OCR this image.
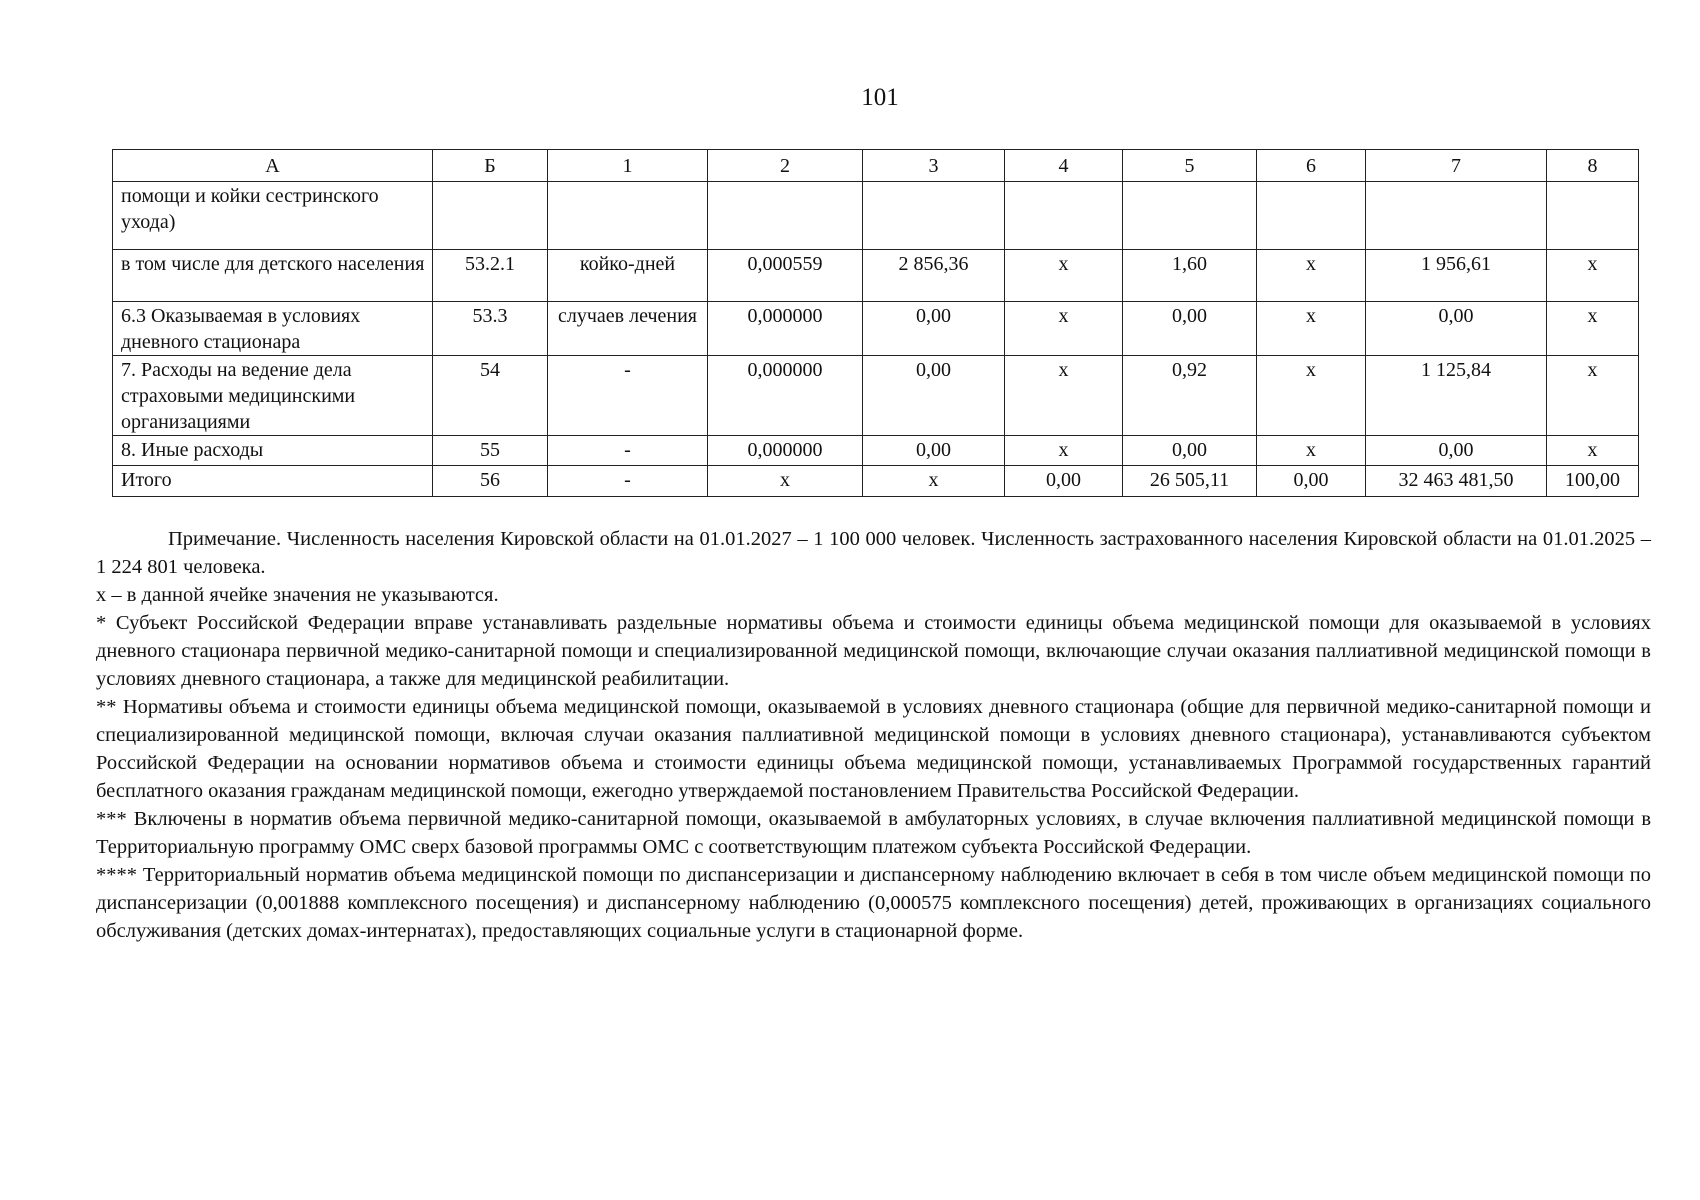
101
А	Б	1	2	3	4	5	6	7	8
помощи и койки сестринского ухода)									
в том числе для детского населения	53.2.1	койко-дней	0,000559	2 856,36	x	1,60	x	1 956,61	x
6.3 Оказываемая в условиях дневного стационара	53.3	случаев лечения	0,000000	0,00	x	0,00	x	0,00	x
7. Расходы на ведение дела страховыми медицинскими организациями	54	-	0,000000	0,00	x	0,92	x	1 125,84	x
8. Иные расходы	55	-	0,000000	0,00	x	0,00	x	0,00	x
Итого	56	-	x	x	0,00	26 505,11	0,00	32 463 481,50	100,00

Примечание. Численность населения Кировской области на 01.01.2027 – 1 100 000 человек. Численность застрахованного населения Кировской области на 01.01.2025 – 1 224 801 человека.

x – в данной ячейке значения не указываются.

* Субъект Российской Федерации вправе устанавливать раздельные нормативы объема и стоимости единицы объема медицинской помощи для оказываемой в условиях дневного стационара первичной медико-санитарной помощи и специализированной медицинской помощи, включающие случаи оказания паллиативной медицинской помощи в условиях дневного стационара, а также для медицинской реабилитации.

** Нормативы объема и стоимости единицы объема медицинской помощи, оказываемой в условиях дневного стационара (общие для первичной медико-санитарной помощи и специализированной медицинской помощи, включая случаи оказания паллиативной медицинской помощи в условиях дневного стационара), устанавливаются субъектом Российской Федерации на основании нормативов объема и стоимости единицы объема медицинской помощи, устанавливаемых Программой государственных гарантий бесплатного оказания гражданам медицинской помощи, ежегодно утверждаемой постановлением Правительства Российской Федерации.

*** Включены в норматив объема первичной медико-санитарной помощи, оказываемой в амбулаторных условиях, в случае включения паллиативной медицинской помощи в Территориальную программу ОМС сверх базовой программы ОМС с соответствующим платежом субъекта Российской Федерации.

**** Территориальный норматив объема медицинской помощи по диспансеризации и диспансерному наблюдению включает в себя в том числе объем медицинской помощи по диспансеризации (0,001888 комплексного посещения) и диспансерному наблюдению (0,000575 комплексного посещения) детей, проживающих в организациях социального обслуживания (детских домах-интернатах), предоставляющих социальные услуги в стационарной форме.
